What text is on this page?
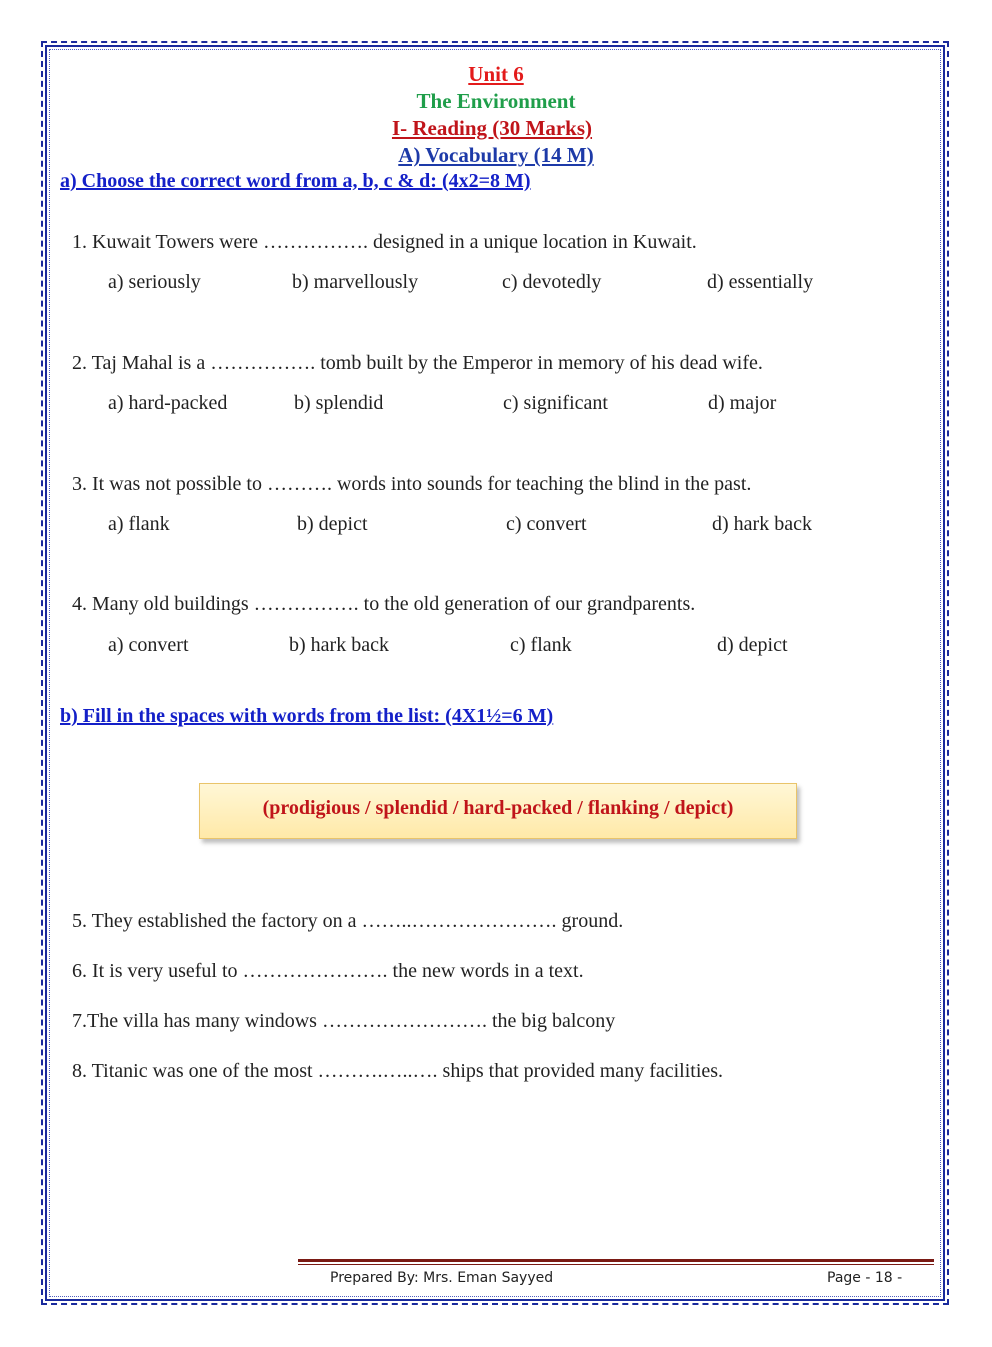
Unit 6
The Environment
I- Reading (30 Marks)
A) Vocabulary (14 M)
a) Choose the correct word from a, b, c & d: (4x2=8 M)
1. Kuwait Towers were ……………. designed in a unique location in Kuwait.
a) seriously	b) marvellously	c) devotedly	d) essentially
2. Taj Mahal is a ……………. tomb built by the Emperor in memory of his dead wife.
a) hard-packed	b) splendid	c) significant	d) major
3. It was not possible to ………. words into sounds for teaching the blind in the past.
a) flank	b) depict	c) convert	d) hark back
4. Many old buildings ……………. to the old generation of our grandparents.
a) convert	b) hark back	c) flank	d) depict
b) Fill in the spaces with words from the list: (4X1½=6 M)
(prodigious / splendid / hard-packed / flanking / depict)
5. They established the factory on a ……..…………………. ground.
6. It is very useful to …………………. the new words in a text.
7.The villa has many windows ……………………. the big balcony
8. Titanic was one of the most ……….…..…. ships that provided many facilities.
Prepared By: Mrs. Eman Sayyed	Page - 18 -
